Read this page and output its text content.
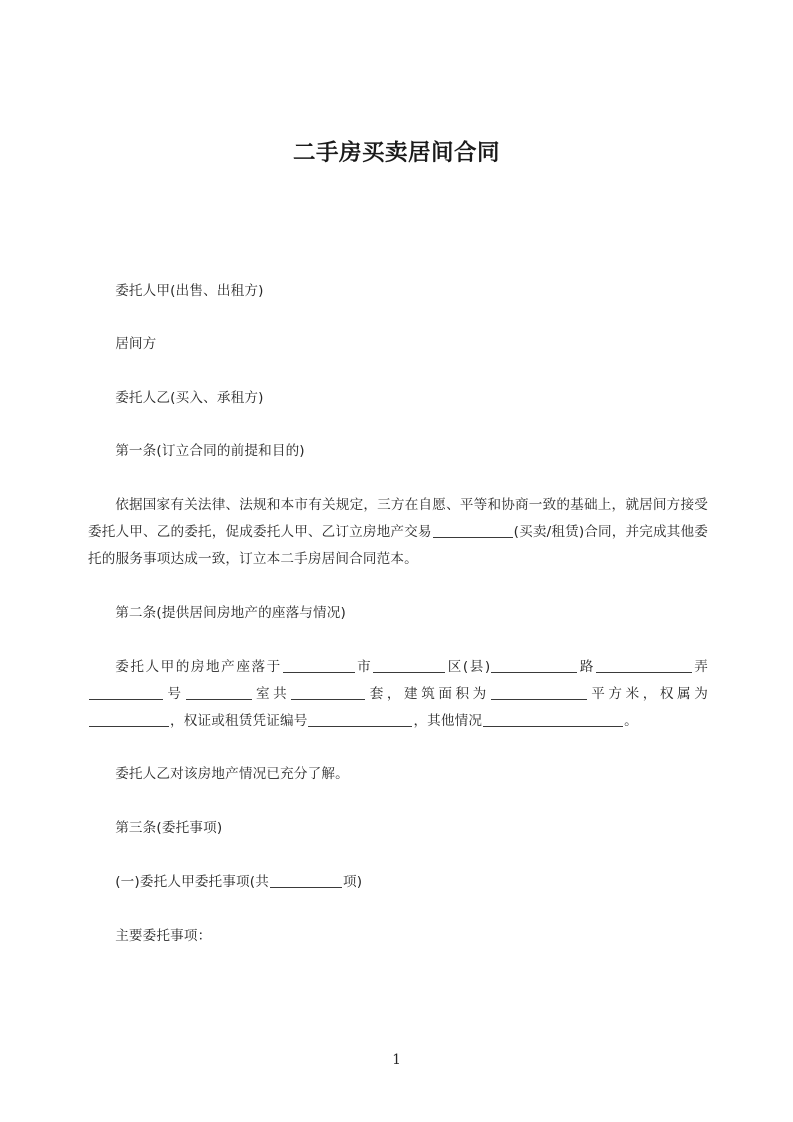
二手房买卖居间合同

委托人甲(出售、出租方)

居间方

委托人乙(买入、承租方)

第一条(订立合同的前提和目的)

依据国家有关法律、法规和本市有关规定，三方在自愿、平等和协商一致的基础上，就居间方接受委托人甲、乙的委托，促成委托人甲、乙订立房地产交易	(买卖/租赁)合同，并完成其他委托的服务事项达成一致，订立本二手房居间合同范本。

第二条(提供居间房地产的座落与情况)

委托人甲的房地产座落于	市	区(县)	路	弄号	室共	套，建筑面积为	平方米，权属为，权证或租赁凭证编号	，其他情况	。

委托人乙对该房地产情况已充分了解。

第三条(委托事项)

(一)委托人甲委托事项(共	项)

主要委托事项：

1
